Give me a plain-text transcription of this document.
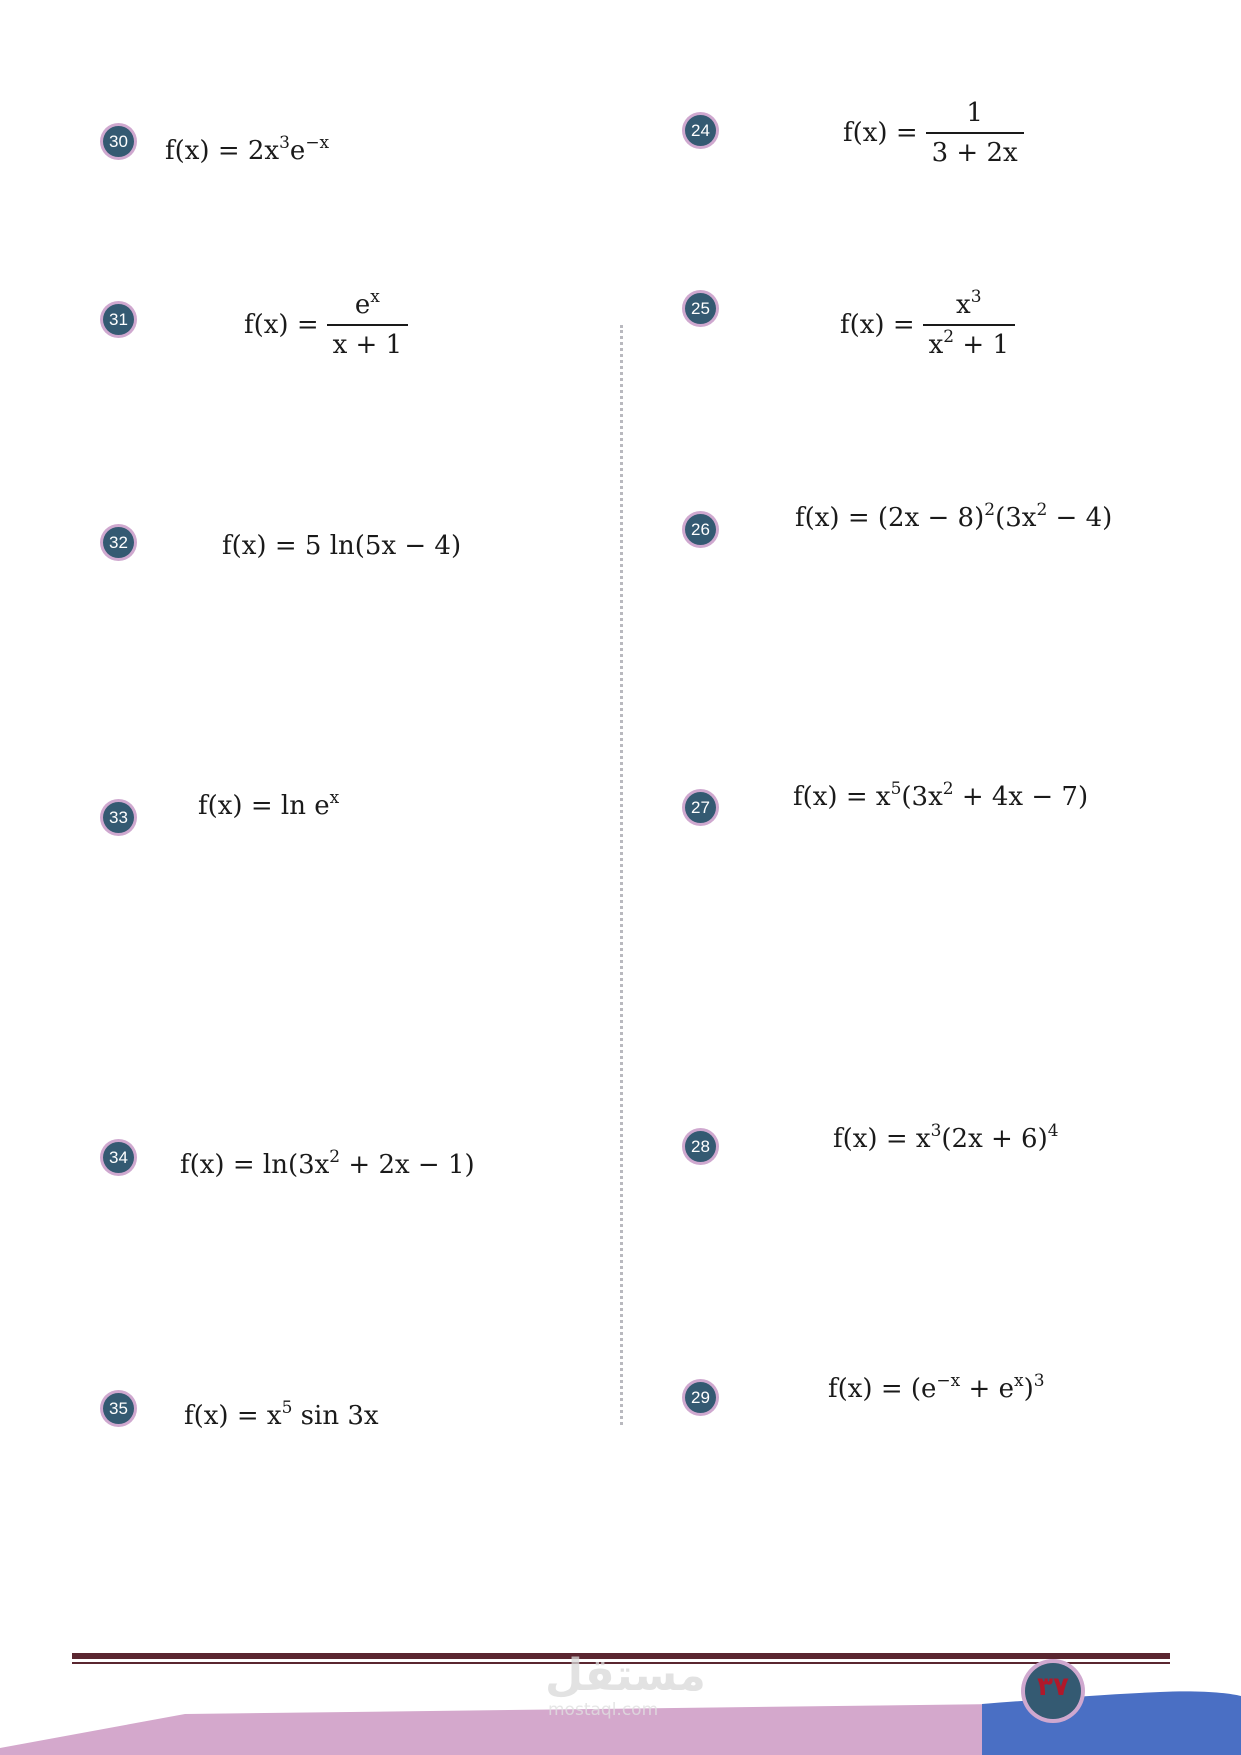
30 $f(x) = 2x^3e^{-x}$
31	$f(x) = \frac{e^x}{x + 1}$
32	f(x) = 5 ln(5x − 4)
33	$f(x) = \ln e^x$
34 $f(x) = \ln(3x^2 + 2x - 1)$
35 $f(x) = x^5$ sin 3x
24	$f(x) = \frac{1}{3 + 2x}$
25
$f(x) = \frac{x^3}{x^2 + 1}$
26	$f(x) = (2x - 8)^2(3x^2 - 4)$
27	$f(x) = x^5(3x^2 + 4x - 7)$
28	$f(x) = x^3(2x + 6)^4$
29	$f(x) = (e^{-x} + e^x)^3$
مستقل
mostaql.com
٣٧
